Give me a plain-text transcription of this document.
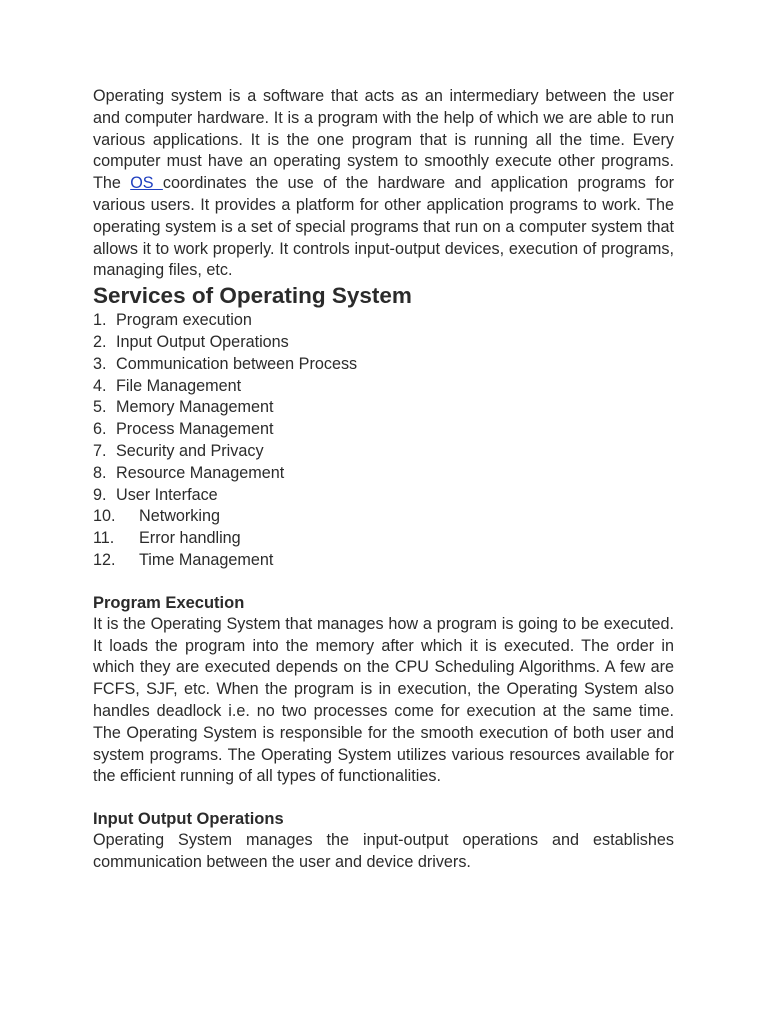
Operating system is a software that acts as an intermediary between the user and computer hardware. It is a program with the help of which we are able to run various applications. It is the one program that is running all the time. Every computer must have an operating system to smoothly execute other programs. The OS coordinates the use of the hardware and application programs for various users. It provides a platform for other application programs to work. The operating system is a set of special programs that run on a computer system that allows it to work properly. It controls input-output devices, execution of programs, managing files, etc.

Services of Operating System
1. Program execution
2. Input Output Operations
3. Communication between Process
4. File Management
5. Memory Management
6. Process Management
7. Security and Privacy
8. Resource Management
9. User Interface
10.	Networking
11.	Error handling
12.	Time Management
Program Execution

It is the Operating System that manages how a program is going to be executed. It loads the program into the memory after which it is executed. The order in which they are executed depends on the CPU Scheduling Algorithms. A few are FCFS, SJF, etc. When the program is in execution, the Operating System also handles deadlock i.e. no two processes come for execution at the same time. The Operating System is responsible for the smooth execution of both user and system programs. The Operating System utilizes various resources available for the efficient running of all types of functionalities.

Input Output Operations

Operating System manages the input-output operations and establishes communication between the user and device drivers.
